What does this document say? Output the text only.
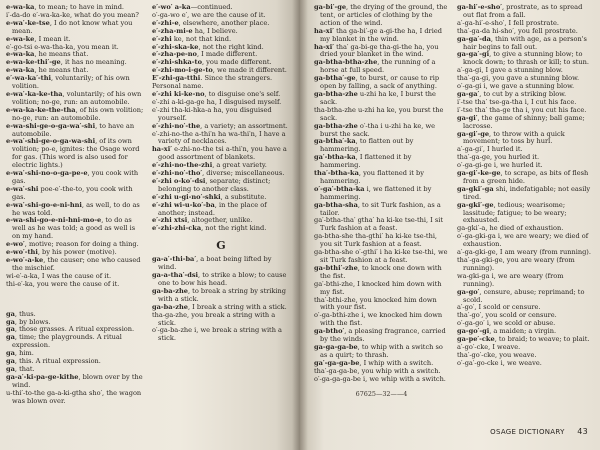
e-wa-ka, to mean; to have in mind.

i′-da-do e′-wa-ka-ke, what do you mean?

e-wa′-ke-tse, I do not know what you mean.

e-wa-ke, I mean it.

e′-go-tsi e-wa-tha-ka, you mean it.

e-wa-ka, he means that.

e-wa-ke-thi′-ge, it has no meaning.

e-wa-ka, he means that.

e′-wa-ka′-thi, voluntarily; of his own volition.

e-wa′-ka-ke-tha, voluntarily; of his own volition; no-ge, run: an automobile.

e-wa-ka-ke-the-tha, of his own volition; no-ge, run: an automobile.

e-wa-shi-ge-o-ga-wa′-shi, to have an automobile.

e-wa′-shi-ge-o-ga-wa-shi, of its own volition; po-e, ignites: the Osage word for gas. (This word is also used for electric lights.)

e-wa′-shi-no-o-ga-pe-e, you cook with gas.

e-wa′-shi poe-e′-the-to, you cook with gas.

e-wa′-shi-go-e-ni-hni, as well, to do as he was told.

e-wa-shi-go-e-ni-hni-mo-e, to do as well as he was told; a good as well is on my hand.

e-wo′, motive; reason for doing a thing.

e-wo′-thi, by his power (motive).

e-wo′-a-ke, the causer; one who caused the mischief.

wi-e′-a-ka, I was the cause of it.

thi-e′-ka, you were the cause of it.

ga, thus.

ga, by blows.

ga, those grasses. A ritual expression.

ga, time; the playgrounds. A ritual expression.

ga, him.

ga, this. A ritual expression.

ga, that.

ga-a′-ki-pa-ge-kithe, blown over by the wind.

u-thi′-to-the ga-a-ki-gtha sho′, the wagon was blown over.

e′-wo′ a-ka—continued.

o′-ga-wo e′, we are the cause of it.

e′-zhi-e, elsewhere, another place.

e′-zha-mi-e ha, I believe.

e′-zhi ke, not that kind.

e′-zhi-ska-ke, not the right kind.

e′-zha-pe-no, I made different.

e′-zhi-shka-to, you made different.

e′-zhi-mo-i-ge-to, we made it different.

E′-zhi-ga-tthi. Since the strangers.

Personal name.

e′-zhi ki-ke-no, to disguise one's self.

e′-zhi a-ki-ga-ge ha, I disguised myself.

e′-zhi tha-ki-hka-a ha, you disguised yourself.

e′-zhi-no′-the, a variety; an assortment.

e′-zhi-no-the a-thi′n ha wa-thi′n, I have a variety of necklaces.

ha-xi′ e-zhi-no-the tsi a-thi′n, you have a good assortment of blankets.

e′-zhi-no-the-zhi, a great variety.

e′-zhi-no′-tho′, diverse; miscellaneous.

e′-zhi o-ko′-dsi, separate; distinct; belonging to another class.

e′-zhi u-gi-no′-shki, a substitute.

e′-zhi wi-u-ko′-ba, in the place of another; instead.

e′-zhi xtsi, altogether, unlike.

e′-zhi-zhi-cka, not the right kind.

G

ga-a′-thi-ba′, a boat being lifted by wind.

ga-a-tha′-dsi, to strike a blow; to cause one to bow his head.

ga-ba-zhe, to break a string by striking with a stick.

ga-ba-zhe, I break a string with a stick.

tha-ga-zhe, you break a string with a stick.

o′-ga-ba-zhe i, we break a string with a stick.

ga-bi′-ge, the drying of the ground, the tent, or articles of clothing by the action of the wind.

ha-xi′ tha ga-bi′-ge a-gi-the ha, I dried my blanket in the wind.

ha-xi′ tha′ ga-bi-ge tha-gi-the ha, you dried your blanket in the wind.

ga-btha-btha-zhe, the running of a horse at full speed.

ga-btha′-ge, to burst, or cause to rip open by falling, a sack of anything.

ga-btha-zhe u-zhi ha ke, I burst the sack.

tha-btha-zhe u-zhi ha ke, you burst the sack.

ga-btha-zhe o′-tha i u-zhi ha ke, we burst the sack.

ga-btha′-ka, to flatten out by hammering.

ga′-btha-ka, I flattened it by hammering.

tha′-btha-ka, you flattened it by hammering.

o′-ga′-btha-ka i, we flattened it by hammering.

ga-btha-sha, to sit Turk fashion, as a tailor.

ga′-btha-tha′ gtha′ ha ki-ke tse-thi, I sit Turk fashion at a feast.

ga-btha-she tha-gthi′ ha ki-ke tse-thi, you sit Turk fashion at a feast.

ga-btha-she o′-gthi′ i ha ki-ke tse-thi, we sit Turk fashion at a feast.

ga-bthi′-zhe, to knock one down with the fist.

ga′-bthi-zhe, I knocked him down with my fist.

tha′-bthi-zhe, you knocked him down with your fist.

o′-ga-bthi-zhe i, we knocked him down with the fist.

ga-btho′, a pleasing fragrance, carried by the winds.

ga-ga-ga-be, to whip with a switch so as a quirt; to thrash.

ga′-ga-ga-be, I whip with a switch.

tha′-ga-ga-be, you whip with a switch.

o′-ga-ga-ga-be i, we whip with a switch.

67625—32——4

ga-hi′-e-sho′, prostrate, as to spread out flat from a fall.

a′-ga-hi′-e-sho′, I fell prostrate.

tha′-ga-da hi-sho′, you fell prostrate.

ga-ga′-da, thin with age, as a person's hair begins to fall out.

ga-ga′-gi, to give a stunning blow; to knock down; to thrash or kill; to stun.

a′-ga-gi, I gave a stunning blow.

tha′-ga-gi, you gave a stunning blow.

o′-ga-gi i, we gave a stunning blow.

ga-ga′, to cut by a striking blow.

i′-tse tha′ tse-ga-tha i, I cut his face.

i′-tse tha′ tha-ge tha i, you cut his face.

ga-gi′, the game of shinny; ball game; lacrosse.

ga-gi′-ge, to throw with a quick movement; to toss by hurl.

a′-ga-gi′, I hurled it.

tha′-ga-ge, you hurled it.

o′-ga-gi-ge i, we hurled it.

ga-gi′-ke-ge, to scrape, as bits of flesh from a green hide.

ga-gki′-ga shi, indefatigable; not easily tired.

ga-gki′-ge, tedious; wearisome; lassitude; fatigue; to be weary; exhausted.

ga-gki′-a, he died of exhaustion.

o′-ga-gki-ga i, we are weary; we died of exhaustion.

a′-ga-gki-ge, I am weary (from running).

tha′-ga-gki-ge, you are weary (from running).

wa-gki-ga i, we are weary (from running).

ga-go′, censure, abuse; reprimand; to scold.

a′-go′, I scold or censure.

tha′-go′, you scold or censure.

o′-ga-go′ i, we scold or abuse.

ga-go′-gi, a maiden; a virgin.

ga-pe′-cke, to braid; to weave; to plait.

a′-go′-cke, I weave.

tha′-go′-cke, you weave.

o′-ga′-go-cke i, we weave.

OSAGE DICTIONARY 43
